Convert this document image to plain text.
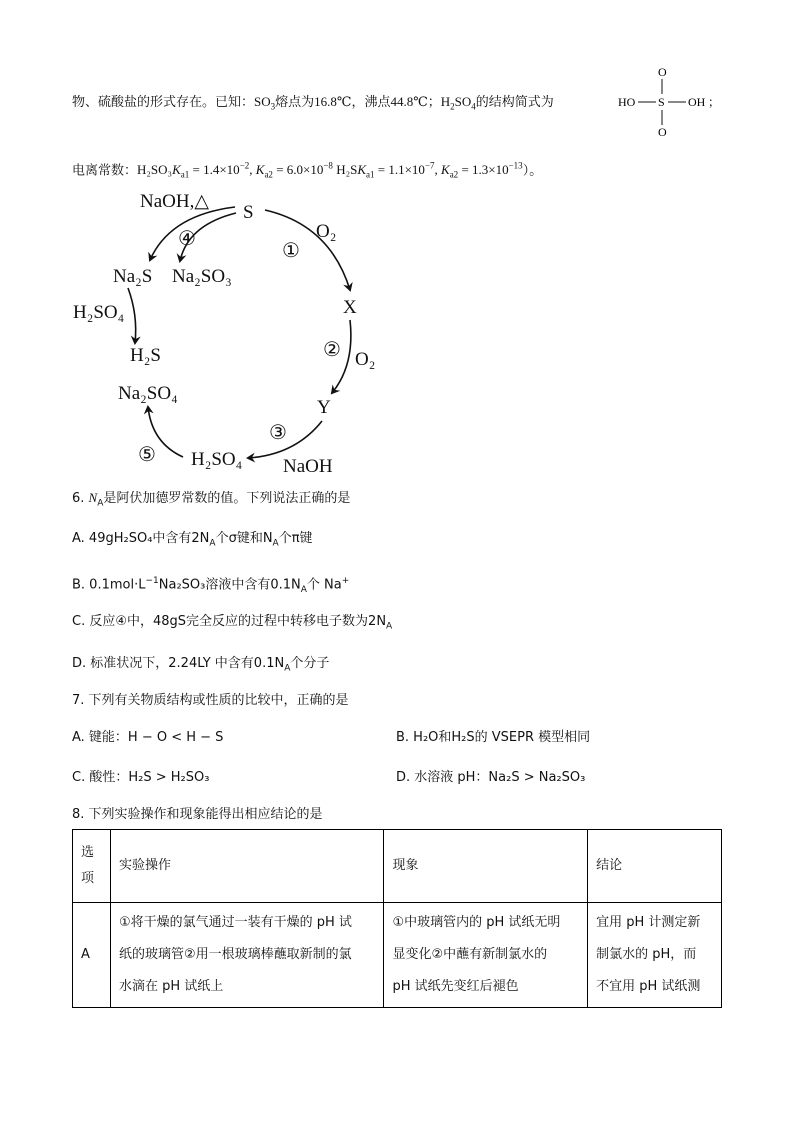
物、硫酸盐的形式存在。已知：$SO_3$熔点为16.8℃，沸点44.8℃；$H_2SO_4$的结构简式为
O
HO S OH
O
；
电离常数：$H_2SO_3K_{a1} = 1.4\times 10^{-2}$, $K_{a2} = 6.0\times 10^{-8}$ $H_2SK_{a1} = 1.1\times 10^{-7}$, $K_{a2} = 1.3\times 10^{-13}$）。
S
NaOH,△
O₂
①
X
② O₂
Y
③
NaOH
H₂SO₄
⑤
Na₂SO₄
H₂S
H₂SO₄
Na₂S Na₂SO₃
④
6. $N_A$是阿伏加德罗常数的值。下列说法正确的是
A. 49gH₂SO₄中含有$2N_A$个σ键和$N_A$个π键
B. $0.1mol\cdot L^{-1}Na_2SO_3$溶液中含有$0.1N_A$个 Na+
C. 反应④中，48gS完全反应的过程中转移电子数为$2N_A$
D. 标准状况下，2.24LY 中含有$0.1N_A$个分子
7. 下列有关物质结构或性质的比较中，正确的是
A. 键能：H − O < H − S	B. H₂O和H₂S的 VSEPR 模型相同
C. 酸性：H₂S > H₂SO₃	D. 水溶液 pH：Na₂S > Na₂SO₃
8. 下列实验操作和现象能得出相应结论的是
选
项	实验操作	现象	结论
A	①将干燥的氯气通过一装有干燥的 pH 试
纸的玻璃管②用一根玻璃棒蘸取新制的氯
水滴在 pH 试纸上	①中玻璃管内的 pH 试纸无明
显变化②中蘸有新制氯水的
pH 试纸先变红后褪色	宜用 pH 计测定新
制氯水的 pH，而
不宜用 pH 试纸测
